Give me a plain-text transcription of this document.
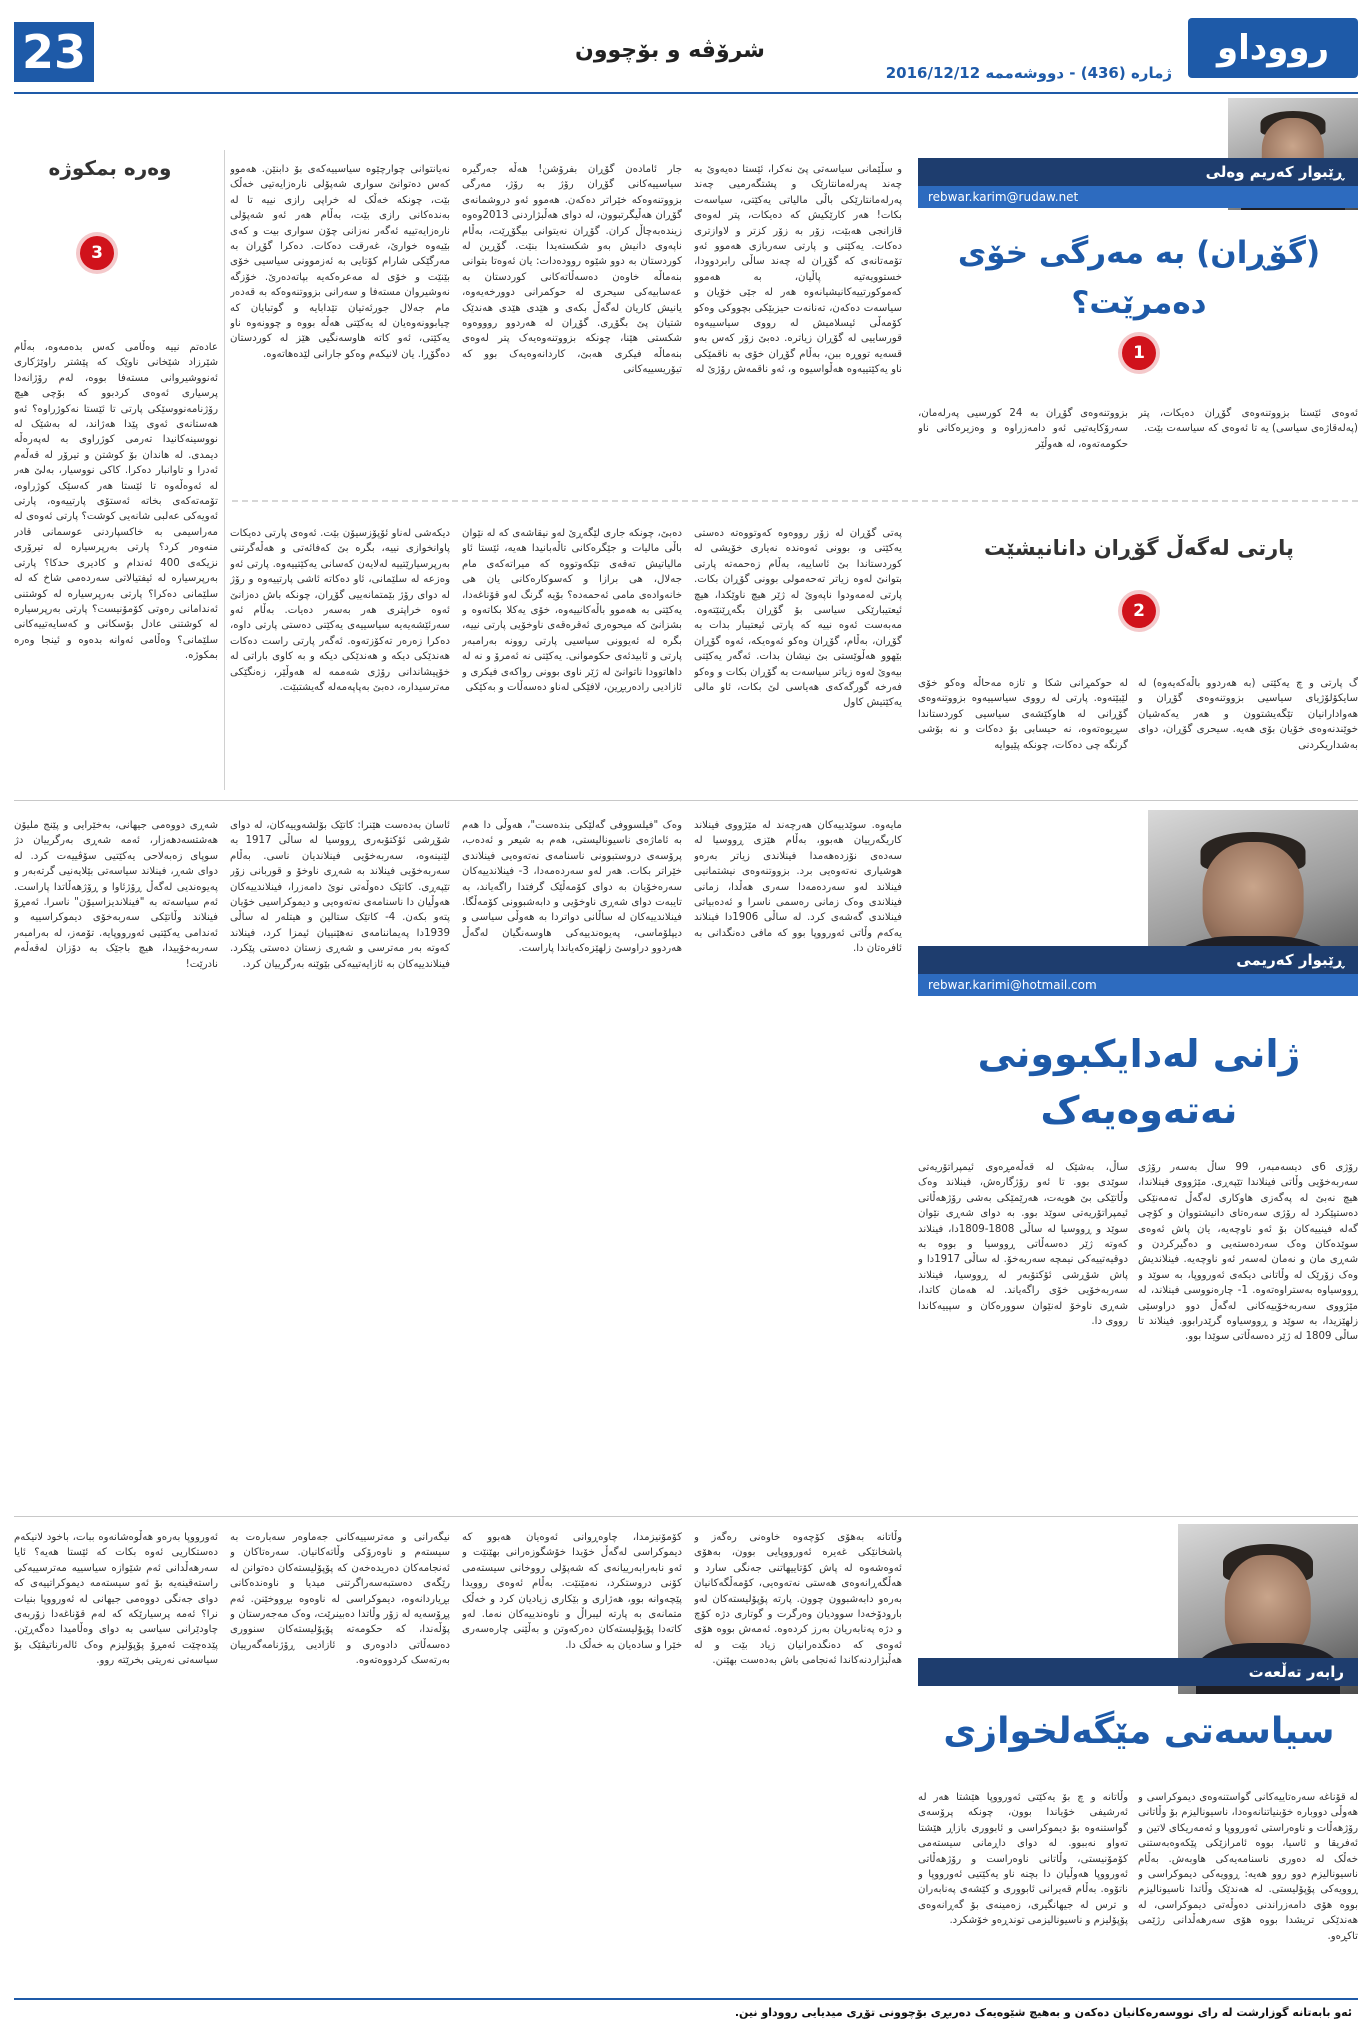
23	شرۆڤە و بۆچوون
ژمارە (436) - دووشەممە 2016/12/12
رووداو
ڕێبوار کەریم وەلی
rebwar.karim@rudaw.net
(گۆڕان) بە مەرگی خۆی دەمرێت؟
1

ئەوەی ئێستا بزووتنەوەی گۆڕان دەیکات، پتر (پەلەقاژەی سیاسی) یە تا ئەوەی کە سیاسەت بێت.

بزووتنەوەی گۆڕان بە 24 کورسیی پەرلەمان، سەرۆکایەتیی ئەو دامەزراوە و وەزیرەکانی ناو حکومەتەوە، لە هەوڵێر

و سڵێمانی سیاسەتی پێ نەکرا، ئێستا دەیەوێ بە چەند پەرلەمانتارێک و پشتگەرمیی چەند پەرلەمانتارێکی باڵی مالیاتی یەکێتی، سیاسەت بکات! هەر کارێکیش کە دەیکات، پتر لەوەی قازانجی هەبێت، زۆر بە زۆر کزتر و لاوازتری دەکات. یەکێتی و پارتی سەربازی هەموو ئەو تۆمەتانەی کە گۆڕان لە چەند ساڵی رابردوودا، خستوویەتیە پاڵیان، بە هەموو کەموکورتییەکانیشیانەوە هەر لە جێی خۆیان و سیاسەت دەکەن، تەنانەت حیزبێکی بچووکی وەکو کۆمەڵی ئیسلامیش لە رووی سیاسییەوە قورساییی لە گۆڕان زیاترە. دەبێ زۆر کەس بەو قسەیە تووڕە ببن، بەڵام گۆڕان خۆی بە ناقمێکی ناو یەکێتییەوە هەڵواسیوە و، ئەو ناقمەش رۆژێ لە

جار ئامادەن گۆڕان بفرۆشن! هەڵە جەرگیرە سیاسییەکانی گۆڕان رۆژ بە رۆژ، مەرگی بزووتنەوەکە خێراتر دەکەن. هەموو ئەو دروشمانەی گۆڕان هەڵیگرتبوون، لە دوای هەڵبژاردنی 2013وەوە زیندەبەچاڵ کران. گۆڕان نەیتوانی بیگۆڕێت، بەڵام ناپەوی دانیش بەو شکستەیدا بنێت. گۆڕین لە کوردستان بە دوو شێوە روودەدات: یان ئەوەتا بتوانی بنەماڵە خاوەن دەسەڵاتەکانی کوردستان بە عەسابیەکی سیحری لە حوکمرانی دوورخەیەوە، یانیش کاریان لەگەڵ بکەی و هێدی هێدی هەندێک شتیان پێ بگۆڕی. گۆڕان لە هەردوو روووەوە شکستی هێنا، چونکە بزووتنەوەیەک پتر لەوەی بنەماڵە فیکری هەبێ، کاردانەوەیەک بوو کە تیۆریسییەکانی

نەیانتوانی چوارچێوە سیاسییەکەی بۆ دابنێن. هەموو کەس دەتوانێ سواری شەپۆلی نارەزایەتیی خەڵک بێت، چونکە خەڵک لە خراپی رازی نییە تا لە بەندەکانی رازی بێت، بەڵام هەر ئەو شەپۆلی نارەزایەتییە ئەگەر نەزانی چۆن سواری بیت و کەی بێیەوە خوارێ، غەرقت دەکات. دەکرا گۆڕان بە مەرگێکی شارام کۆتایی بە ئەزموونی سیاسیی خۆی بێنێت و خۆی لە مەعرەکەیە بپاتەدەرێ. خۆزگە نەوشیروان مستەفا و سەرانی بزووتنەوەکە بە قەدەر مام جەلال جورئەتیان تێدابایە و گوتبایان کە چیابوونەوەیان لە یەکێتی هەڵە بووە و چوونەوە ناو یەکێتی، ئەو کاتە هاوسەنگیی هێز لە کوردستان دەگۆڕا. یان لانیکەم وەکو جارانی لێدەهاتەوە.

وەرە بمکوژە
3

عادەتم نییە وەڵامی کەس بدەمەوە، بەڵام شێرزاد شێخانی ناوێک کە پێشتر راوێژکاری ئەنووشیروانی مستەفا بووە، لەم رۆژانەدا پرسیاری ئەوەی کردبوو کە بۆچی هیچ رۆژنامەنووسێکی پارتی تا ئێستا نەکوژراوە؟ ئەو هەستانەی ئەوی پێدا هەژاند، لە بەشێک لە نووسینەکانیدا تەرمی کوژراوی بە لەپەرەڵە دیمدی. لە هاندان بۆ کوشتن و تیرۆر لە قەڵەم ئەدرا و تاوانبار دەکرا. کاکی نووسیار، بەلێ هەر لە ئەوەڵەوە تا ئێستا هەر کەسێک کوژراوە، تۆمەتەکەی بخاتە ئەستۆی پارتییەوە، پارتی ئەویەکی عەلبی شانەیی کوشت؟ پارتی ئەوەی لە مەراسیمی بە خاکسپاردنی عوسمانی قادر منەوەر کرد؟ پارتی بەرپرسیارە لە تیرۆری نزیکەی 400 ئەندام و کادیری حدکا؟ پارتی بەرپرسیارە لە ئیفتیالاتی سەردەمی شاخ کە لە سلێمانی دەکرا؟ پارتی بەرپرسیارە لە کوشتنی ئەندامانی رەوتی کۆمۆنیست؟ پارتی بەرپرسیارە لە کوشتنی عادل بۆسکانی و کەسایەتییەکانی سلێمانی؟ وەڵامی ئەوانە بدەوە و ئینجا وەرە بمکوژە.

پارتی لەگەڵ گۆڕان دانانیشێت
2

گ پارتی و چ یەکێتی (بە هەردوو باڵەکەیەوە) لە سایکۆلۆژیای سیاسیی بزووتنەوەی گۆڕان و هەوادارانیان تێگەیشتوون و هەر یەکەشیان خوێندنەوەی خۆیان بۆی هەیە. سیحری گۆڕان، دوای بەشداریکردنی

لە حوکمڕانی شکا و تازە مەحاڵە وەکو خۆی لێبێتەوە. پارتی لە رووی سیاسییەوە بزووتنەوەی گۆڕانی لە هاوکێشەی سیاسیی کوردستاندا سڕیوەتەوە، نە حیسابی بۆ دەکات و نە بۆشی گرنگە چی دەکات، چونکە پێیوایە

پەتی گۆڕان لە زۆر رووەوە کەوتووەتە دەستی یەکێتی و، بوونی ئەوەندە نەیاری خۆیشی لە کوردستاندا بێ ئاساییە، بەڵام زەحمەتە پارتی بتوانێ لەوە زیاتر تەحەمولی بوونی گۆڕان بکات. پارتی لەمەودوا ناپەوێ لە ژێر هیچ ناوێکدا، هیچ ئیعتیبارێکی سیاسی بۆ گۆڕان بگەڕێنێتەوە. مەبەست ئەوە نییە کە پارتی ئیعتیبار بدات بە گۆڕان، بەڵام، گۆڕان وەکو ئەوەیکە، ئەوە گۆڕان بێهوو هەڵوێستی بێ نیشان بدات. ئەگەر یەکێتی بیەوێ لەوە زیاتر سیاسەت بە گۆڕان بکات و وەکو فەرخە گورگەکەی هەیاسی لێ بکات، ئاو مالی یەکێتیش کاول

دەبێ، چونکە جاری لێگەڕێ لەو نیقاشەی کە لە نێوان باڵی مالیات و جێگرەکانی تاڵەبانیدا هەیە، ئێستا ئاو مالیاتیش تەقەی تێکەوتووە کە میراتەکەی مام جەلال، هی برازا و کەسوکارەکانی یان هی خانەوادەی مامی ئەحمەدە؟ بۆیە گرنگ لەو قۆناغەدا، یەکێتی بە هەموو باڵەکانییەوە، خۆی یەکلا بکاتەوە و بشزانێ کە میحوەری ئەقرەقەی ناوخۆیی پارتی نییە، بگرە لە ئەیوونی سیاسیی پارتی روونە بەرامبەر پارتی و ئابیدئەی حکوموانی. یەکێتی نە ئەمرۆ و نە لە داهاتوودا ناتوانێ لە ژێر ناوی بوونی رواکەی فیکری و ئازادیی رادەربڕین، لافێکی لەناو دەسەڵات و بەکێکی

دیکەشی لەناو ئۆپۆزسیۆن بێت. ئەوەی پارتی دەیکات پاوانخوازی نییە، بگرە بێ کەفائەتی و هەڵەگرتنی بەرپرسیارێتییە لەلایەن کەسانی یەکێتییەوە. پارتی ئەو وەزعە لە سلێمانی، ئاو دەکاتە ئاشی پارتییەوە و رۆژ لە دوای رۆژ بێمتمانەییی گۆڕان، چونکە باش دەزانێ ئەوە خراپتری هەر بەسەر دەیات. بەڵام ئەو سەرئێشەیەیە سیاسییەی یەکێتی دەستی پارتی داوە، دەکرا زەرەر تەکۆزتەوە. ئەگەر پارتی راست دەکات هەندێکی دیکە و هەندێکی دیکە و بە کاوی باراتی لە خۆپیشاندانی رۆژی شەممە لە هەوڵێر، زەنگێکی مەترسیدارە، دەبێ بەپاپەمەلە گەیشتبێت.

ڕێبوار کەریمی
rebwar.karimi@hotmail.com
ژانی لەدایکبوونی
نەتەوەیەک

رۆژی 6ی دیسەمبەر، 99 ساڵ بەسەر رۆژی سەربەخۆیی وڵاتی فینلاندا تێپەڕی. مێژووی فینلاندا، هیچ نەبێ لە پەگەزی هاوکاری لەگەڵ تەمەنێکی دەستپێکرد لە رۆژی سەرەتای دانیشتووان و کۆچی گەلە فینییەکان بۆ ئەو ناوچەیە، یان پاش ئەوەی سوێدەکان وەک سەردەستەیی و دەگیرکردن و شەڕی مان و نەمان لەسەر ئەو ناوچەیە. فینلاندیش وەک زۆرێک لە وڵاتانی دیکەی ئەورووپا، بە سوێد و ڕووسیاوە بەستراوەتەوە. 1- چارەنووسی فینلاند، لە مێژووی سەربەخۆییەکانی لەگەڵ دوو دراوسێی زلهێزیدا، بە سوێد و ڕووسیاوە گرێدرابوو. فینلاند تا ساڵی 1809 لە ژێر دەسەڵاتی سوێدا بوو.

ساڵ، بەشێک لە قەڵەمڕەوی ئیمپراتۆریەتی سوێدی بوو. تا ئەو رۆژگارەش، فینلاند وەک وڵاتێکی بێ هویەت، هەرێمێکی بەشی رۆژهەڵاتی ئیمپراتۆریەتی سوێد بوو. بە دوای شەڕی نێوان سوێد و ڕووسیا لە ساڵی 1808-1809دا، فینلاند کەوتە ژێر دەسەڵاتی ڕووسیا و بووە بە دوقیەتییەکی نیمچە سەربەخۆ. لە ساڵی 1917دا و پاش شۆڕشی ئۆکتۆبەر لە ڕووسیا، فینلاند سەربەخۆیی خۆی راگەیاند. لە هەمان کاتدا، شەڕی ناوخۆ لەنێوان سوورەکان و سپییەکاندا رووی دا.

مایەوە. سوێدییەکان هەرچەند لە مێژووی فینلاند کاریگەرییان هەبوو، بەڵام هێزی ڕووسیا لە سەدەی نۆزدەهەمدا فینلاندی زیاتر بەرەو هوشیاری نەتەوەیی برد. بزووتنەوەی نیشتمانیی فینلاند لەو سەردەمەدا سەری هەڵدا، زمانی فینلاندی وەک زمانی رەسمی ناسرا و ئەدەبیاتی فینلاندی گەشەی کرد. لە ساڵی 1906دا فینلاند یەکەم وڵاتی ئەورووپا بوو کە مافی دەنگدانی بە ئافرەتان دا.

وەک "فیلسووفی گەلێکی بندەست"، هەوڵی دا هەم بە ئاماژەی ناسیونالیستی، هەم بە شیعر و ئەدەب، پرۆسەی دروستبوونی ناسنامەی نەتەوەیی فینلاندی خێراتر بکات. هەر لەو سەردەمەدا، 3- فینلاندییەکان سەرەخۆیان بە دوای کۆمەڵێک گرفتدا راگەیاند، بە تایبەت دوای شەڕی ناوخۆیی و دابەشبوونی کۆمەڵگا. فینلاندییەکان لە ساڵانی دواتردا بە هەوڵی سیاسی و دیپلۆماسی، پەیوەندییەکی هاوسەنگیان لەگەڵ هەردوو دراوسێ زلهێزەکەیاندا پاراست.

ئاسان بەدەست هێنرا: کاتێک بۆلشەوییەکان، لە دوای شۆڕشی ئۆکتۆبەری ڕووسیا لە ساڵی 1917 بە لێنینەوە، سەربەخۆیی فینلاندیان ناسی. بەڵام سەربەخۆیی فینلاند بە شەڕی ناوخۆ و قوربانی زۆر تێپەڕی. کاتێک دەوڵەتی نوێ دامەزرا، فینلاندییەکان هەوڵیان دا ناسنامەی نەتەوەیی و دیموکراسیی خۆیان پتەو بکەن. 4- کاتێک ستالین و هیتلەر لە ساڵی 1939دا پەیماننامەی نەهێنییان ئیمزا کرد، فینلاند کەوتە بەر مەترسی و شەڕی زستان دەستی پێکرد. فینلاندییەکان بە ئازایەتییەکی بێوێنە بەرگرییان کرد.

شەڕی دووەمی جیهانی، بەخێرایی و پێنج ملیۆن هەشتسەدهەزار، ئەمە شەڕی بەرگرییان دژ سوپای زەبەلاحی یەکێتیی سۆڤییەت کرد. لە دوای شەڕ، فینلاند سیاسەتی بێلایەنیی گرتەبەر و پەیوەندیی لەگەڵ ڕۆژئاوا و ڕۆژهەڵاتدا پاراست. ئەم سیاسەتە بە "فینلاندیزاسیۆن" ناسرا. ئەمڕۆ فینلاند وڵاتێکی سەربەخۆی دیموکراسییە و ئەندامی یەکێتیی ئەورووپایە. تۆمەز، لە بەرامبەر سەربەخۆییدا، هیچ باجێک بە دۆزان لەقەڵەم نادرێت!

رابەر تەڵعەت
سیاسەتی مێگەلخوازی

لە قۆناغە سەرەتاییەکانی گواستنەوەی دیموکراسی و هەوڵی دووبارە خۆبنیاتنانەوەدا، ناسیونالیزم بۆ وڵاتانی رۆژهەڵات و ناوەراستی ئەورووپا و ئەمەریکای لاتین و ئەفریقا و ئاسیا، بووە ئامرازێکی پێکەوەبەستنی خەڵک لە دەوری ناسنامەیەکی هاوبەش. بەڵام ناسیونالیزم دوو روو هەیە: ڕوویەکی دیموکراسی و ڕوویەکی پۆپۆلیستی. لە هەندێک وڵاتدا ناسیونالیزم بووە هۆی دامەزراندنی دەوڵەتی دیموکراسی، لە هەندێکی تریشدا بووە هۆی سەرهەڵدانی رژێمی تاکڕەو.

وڵاتانە و چ بۆ یەکێتی ئەورووپا هێشتا هەر لە ئەرشیفی خۆیاندا بوون، چونکە پرۆسەی گواستنەوە بۆ دیموکراسی و ئابووری بازاڕ هێشتا تەواو نەببوو. لە دوای داڕمانی سیستەمی کۆمۆنیستی، وڵاتانی ناوەراست و رۆژهەڵاتی ئەورووپا هەوڵیان دا بچنە ناو یەکێتیی ئەورووپا و ناتۆوە. بەڵام قەیرانی ئابووری و کێشەی پەنابەران و ترس لە جیهانگیری، زەمینەی بۆ گەڕانەوەی پۆپۆلیزم و ناسیونالیزمی توندڕەو خۆشکرد.

وڵاتانە بەهۆی کۆچەوە خاوەنی رەگەز و پاشخانێکی غەیرە ئەورووپایی بوون، بەهۆی ئەوەشەوە لە پاش کۆتاییهاتنی جەنگی سارد و هەڵگەڕانەوەی هەستی نەتەوەیی، کۆمەڵگەکانیان بەرەو دابەشبوون چوون. پارتە پۆپۆلیستەکان لەو بارودۆخەدا سوودیان وەرگرت و گوتاری دژە کۆچ و دژە پەنابەریان بەرز کردەوە. ئەمەش بووە هۆی ئەوەی کە دەنگدەرانیان زیاد بێت و لە هەڵبژاردنەکاندا ئەنجامی باش بەدەست بهێنن.

کۆمۆنیزمدا، چاوەڕوانی ئەوەیان هەبوو کە دیموکراسی لەگەڵ خۆیدا خۆشگوزەرانی بهێنێت و ئەو نابەرابەرییانەی کە شەپۆلی رووخانی سیستەمی کۆنی دروستکرد، نەمێنێت. بەڵام ئەوەی روویدا پێچەوانە بوو، هەژاری و بێکاری زیادیان کرد و خەڵک متمانەی بە پارتە لیبراڵ و ناوەندییەکان نەما. لەو کاتەدا پۆپۆلیستەکان دەرکەوتن و بەڵێنی چارەسەری خێرا و سادەیان بە خەڵک دا.

نیگەرانی و مەترسییەکانی جەماوەر سەبارەت بە سیستەم و ناوەرۆکی وڵاتەکانیان. سەرەتاکان و ئەنجامەکان دەریدەخەن کە پۆپۆلیستەکان دەتوانن لە رێگەی دەستبەسەراگرتنی میدیا و ناوەندەکانی بڕیاردانەوە، دیموکراسی لە ناوەوە بڕووخێنن. ئەم پڕۆسەیە لە زۆر وڵاتدا دەبینرێت، وەک مەجەرستان و پۆڵەندا، کە حکومەتە پۆپۆلیستەکان سنووری دەسەڵاتی دادوەری و ئازادیی ڕۆژنامەگەرییان بەرتەسک کردووەتەوە.

ئەورووپا بەرەو هەڵوەشانەوە ببات، باخود لانیکەم دەستکاریی ئەوە بکات کە ئێستا هەیە؟ ئایا سەرهەڵدانی ئەم شێوازە سیاسییە مەترسییەکی راستەقینەیە بۆ ئەو سیستەمە دیموکراتییەی کە دوای جەنگی دووەمی جیهانی لە ئەورووپا بنیات نرا؟ ئەمە پرسیارێکە کە لەم قۆناغەدا زۆربەی چاودێرانی سیاسی بە دوای وەڵامیدا دەگەڕێن. پێدەچێت ئەمڕۆ پۆپۆلیزم وەک ئالەرناتیڤێک بۆ سیاسەتی نەریتی بخرێتە روو.

ئەو بابەتانە گوزارشت لە رای نووسەرەکانیان دەکەن و بەهیچ شێوەیەک دەربڕی بۆچوونی تۆڕی میدیایی رووداو نین.
